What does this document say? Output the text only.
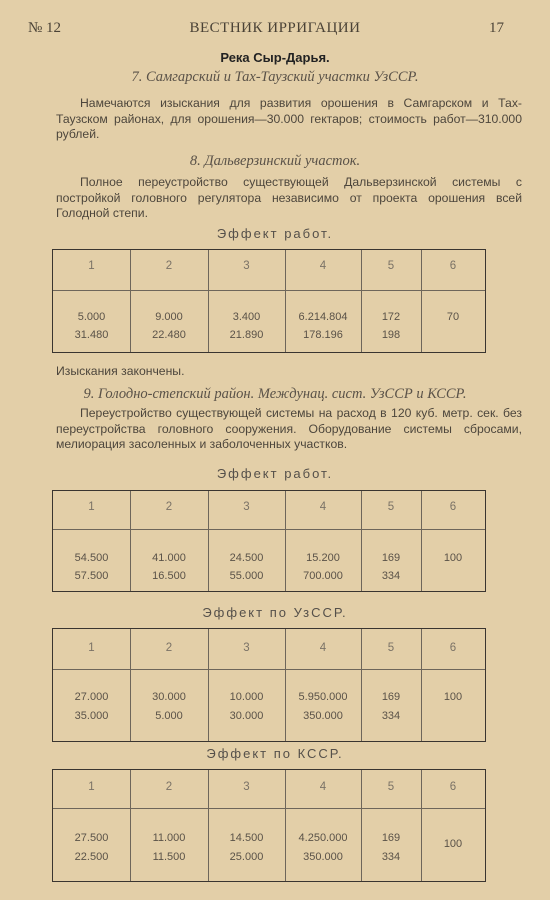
№ 12	ВЕСТНИК ИРРИГАЦИИ	17
Река Сыр-Дарья.
7. Самгарский и Тах-Таузский участки УзССР.
Намечаются изыскания для развития орошения в Самгарском и Тах-Таузском районах, для орошения—30.000 гектаров; стоимость работ—310.000 рублей.
8. Дальверзинский участок.
Полное переустройство существующей Дальверзинской системы с постройкой головного регулятора независимо от проекта орошения всей Голодной степи.
Эффект работ.
1	2	3	4	5	6
5.000	9.000	3.400	6.214.804	172	70
31.480	22.480	21.890	178.196	198
Изыскания закончены.
9. Голодно-степский район. Междунац. сист. УзССР и КССР.
Переустройство существующей системы на расход в 120 куб. метр. сек. без переустройства головного сооружения. Оборудование системы сбросами, мелиорация засоленных и заболоченных участков.
Эффект работ.
1	2	3	4	5	6
54.500	41.000	24.500	15.200	169	100
57.500	16.500	55.000	700.000	334
Эффект по УзССР.
1	2	3	4	5	6
27.000	30.000	10.000	5.950.000	169	100
35.000	5.000	30.000	350.000	334
Эффект по КССР.
1	2	3	4	5	6
27.500	11.000	14.500	4.250.000	169	100
22.500	11.500	25.000	350.000	334
